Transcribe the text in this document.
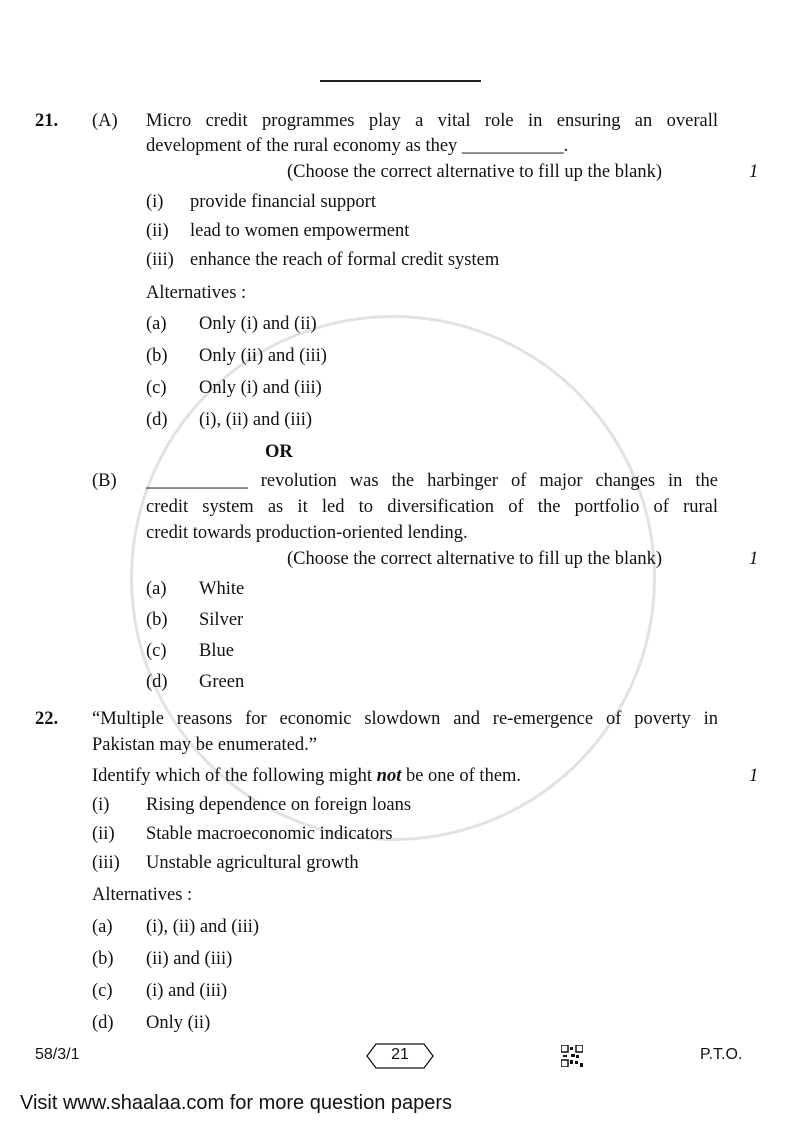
21. (A) Micro credit programmes play a vital role in ensuring an overall
development of the rural economy as they ___________.
(Choose the correct alternative to fill up the blank)	1
(i) provide financial support
(ii) lead to women empowerment
(iii) enhance the reach of formal credit system
Alternatives :
(a) Only (i) and (ii)
(b) Only (ii) and (iii)
(c) Only (i) and (iii)
(d) (i), (ii) and (iii)
OR
(B) ___________ revolution was the harbinger of major changes in the
credit system as it led to diversification of the portfolio of rural
credit towards production-oriented lending.
(Choose the correct alternative to fill up the blank)	1
(a) White
(b) Silver
(c) Blue
(d) Green
22. “Multiple reasons for economic slowdown and re-emergence of poverty in
Pakistan may be enumerated.”
Identify which of the following might not be one of them.	1
(i) Rising dependence on foreign loans
(ii) Stable macroeconomic indicators
(iii) Unstable agricultural growth
Alternatives :
(a) (i), (ii) and (iii)
(b) (ii) and (iii)
(c) (i) and (iii)
(d) Only (ii)
58/3/1	21	P.T.O.
Visit www.shaalaa.com for more question papers
